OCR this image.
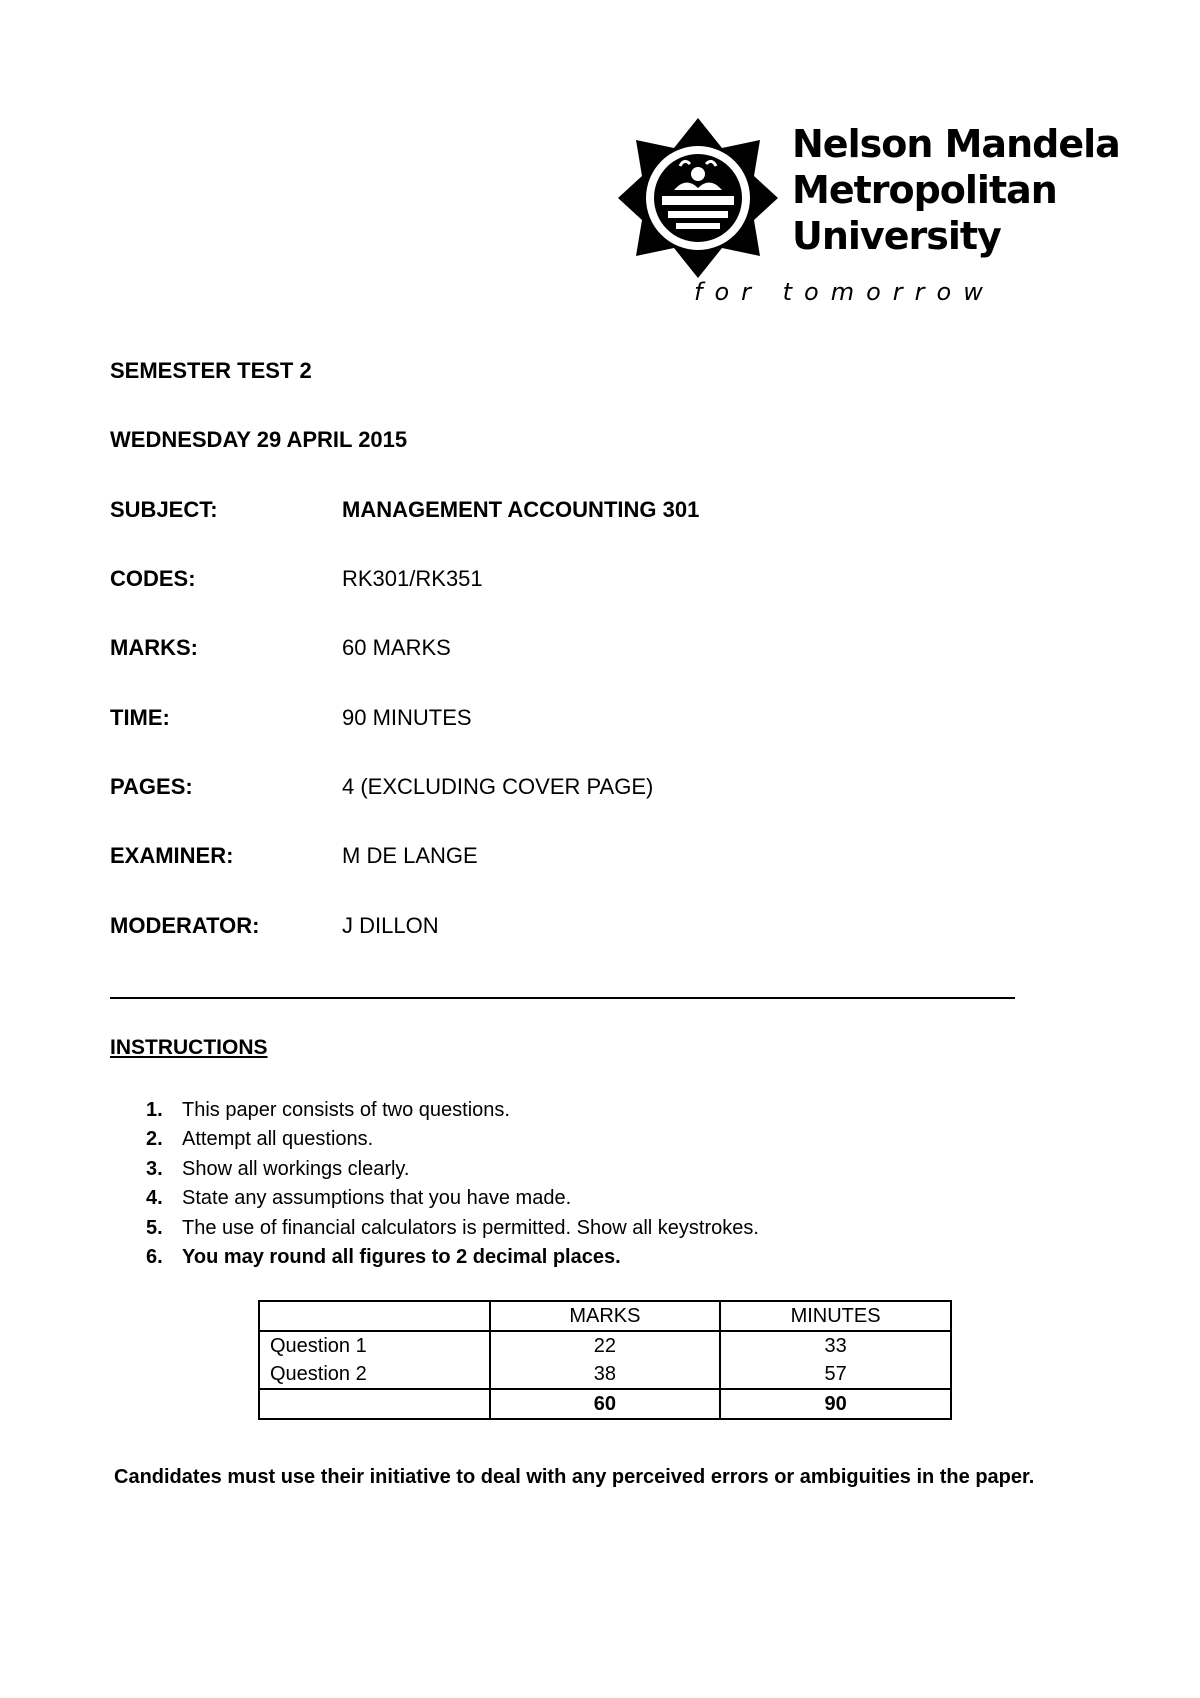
Nelson Mandela
Metropolitan
University
for tomorrow
SEMESTER TEST 2
WEDNESDAY 29 APRIL 2015
SUBJECT:	MANAGEMENT ACCOUNTING 301
CODES:	RK301/RK351
MARKS:	60 MARKS
TIME:	90 MINUTES
PAGES:	4 (EXCLUDING COVER PAGE)
EXAMINER:	M DE LANGE
MODERATOR:	J DILLON
INSTRUCTIONS
1. This paper consists of two questions.
2. Attempt all questions.
3. Show all workings clearly.
4. State any assumptions that you have made.
5. The use of financial calculators is permitted. Show all keystrokes.
6. You may round all figures to 2 decimal places.
	MARKS	MINUTES
Question 1	22	33
Question 2	38	57
	60	90
Candidates must use their initiative to deal with any perceived errors or ambiguities in the paper.
